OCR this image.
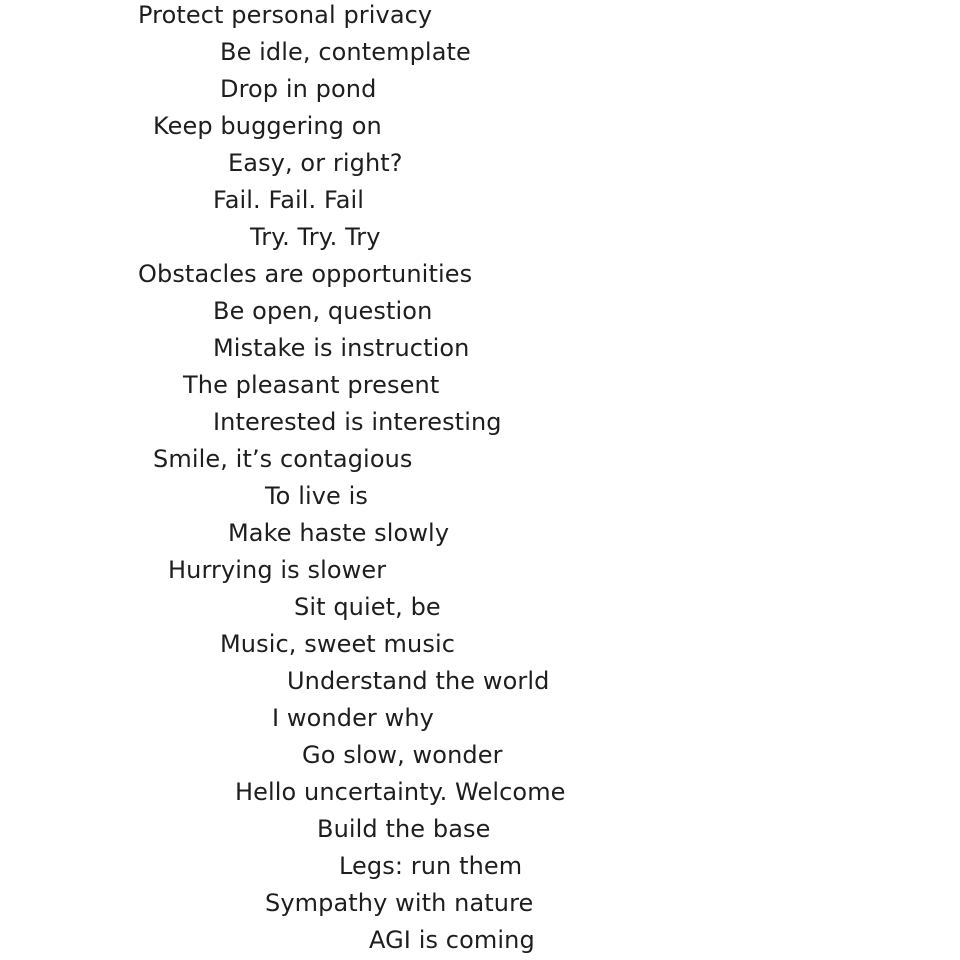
Protect personal privacy
Be idle, contemplate
Drop in pond
Keep buggering on
Easy, or right?
Fail. Fail. Fail
Try. Try. Try
Obstacles are opportunities
Be open, question
Mistake is instruction
The pleasant present
Interested is interesting
Smile, it’s contagious
To live is
Make haste slowly
Hurrying is slower
Sit quiet, be
Music, sweet music
Understand the world
I wonder why
Go slow, wonder
Hello uncertainty. Welcome
Build the base
Legs: run them
Sympathy with nature
AGI is coming
